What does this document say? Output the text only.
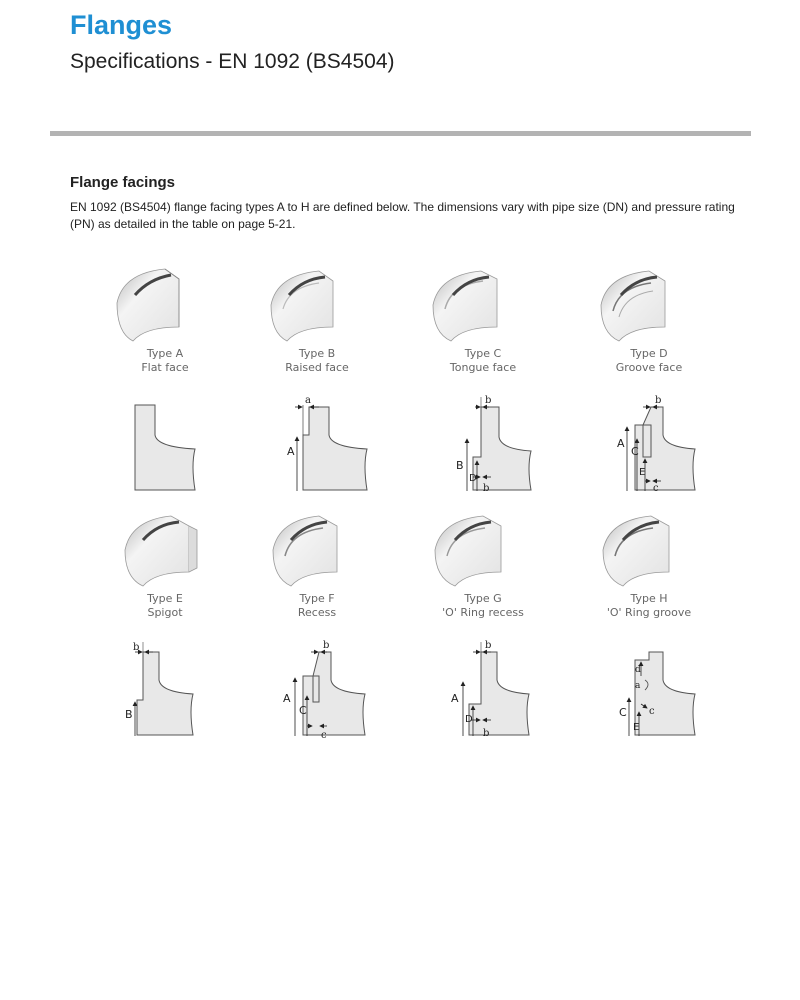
Flanges
Specifications - EN 1092 (BS4504)
Flange facings
EN 1092 (BS4504) flange facing types A to H are defined below. The dimensions vary with pipe size (DN) and pressure rating (PN) as detailed in the table on page 5-21.
Type A
Flat face
Type B
Raised face
a
A
Type C
Tongue face
b
B
D
b
Type D
Groove face
b
A
C
E
c
Type E
Spigot
b
B
Type F
Recess
b
A
C
c
Type G
'O' Ring recess
b
A
D
b
Type H
'O' Ring groove
d
a
C
E
c
